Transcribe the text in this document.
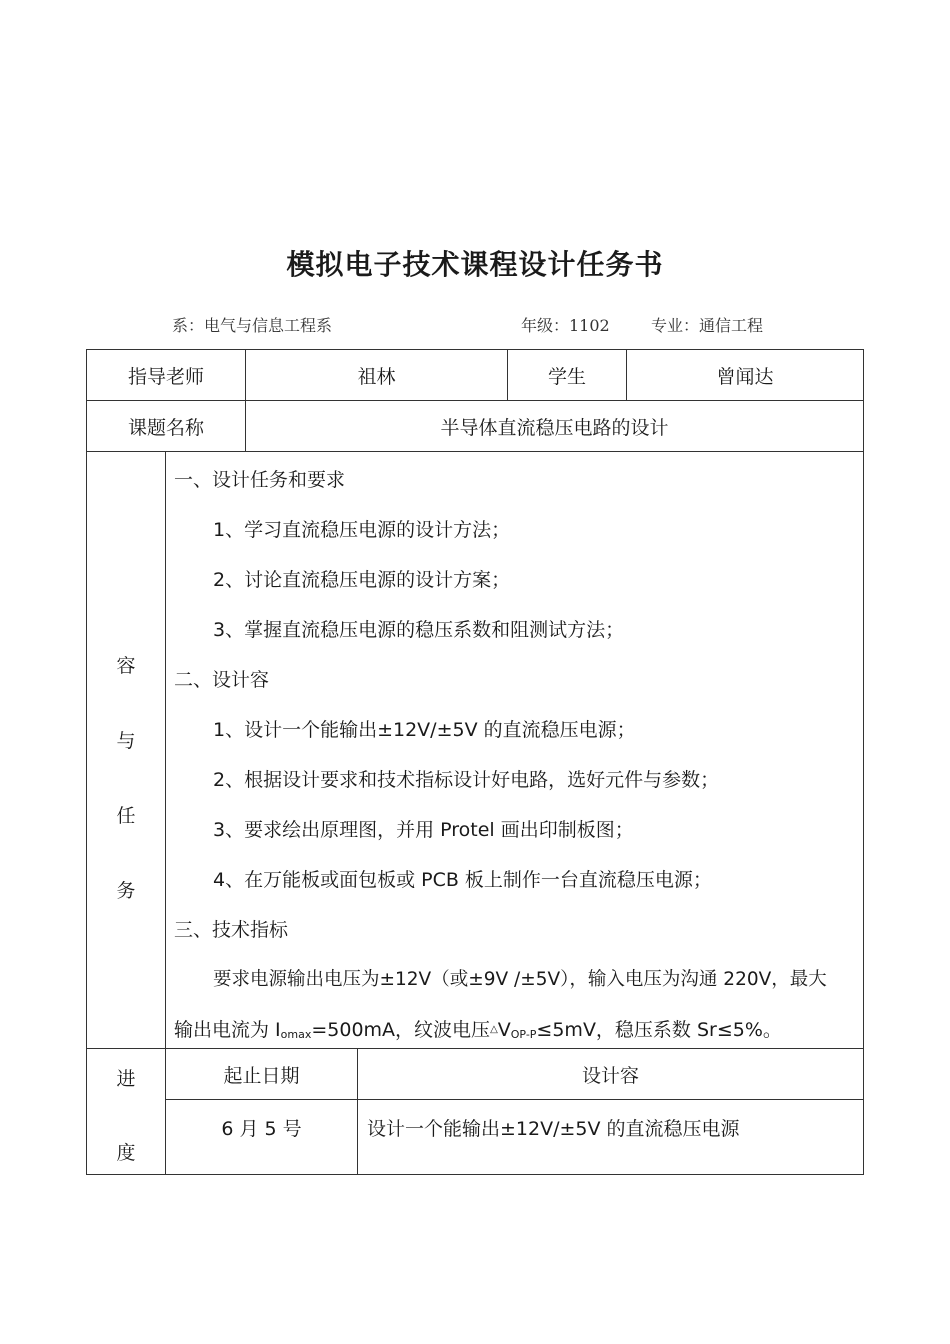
模拟电子技术课程设计任务书
系：电气与信息工程系	年级：1102	专业：通信工程
指导老师	祖林	学生	曾闻达
课题名称	半导体直流稳压电路的设计
容
与
任
务
一、设计任务和要求
1、学习直流稳压电源的设计方法；
2、讨论直流稳压电源的设计方案；
3、掌握直流稳压电源的稳压系数和阻测试方法；
二、设计容
1、设计一个能输出±12V/±5V 的直流稳压电源；
2、根据设计要求和技术指标设计好电路，选好元件与参数；
3、要求绘出原理图，并用 Protel 画出印制板图；
4、在万能板或面包板或 PCB 板上制作一台直流稳压电源；
三、技术指标
要求电源输出电压为±12V（或±9V /±5V），输入电压为沟通 220V，最大
输出电流为 $I_{omax}=500mA$，纹波电压$^\triangle V_{OP-P}\le 5mV$，稳压系数 Sr≤5%。
进
度
起止日期	设计容
6 月 5 号	设计一个能输出±12V/±5V 的直流稳压电源
